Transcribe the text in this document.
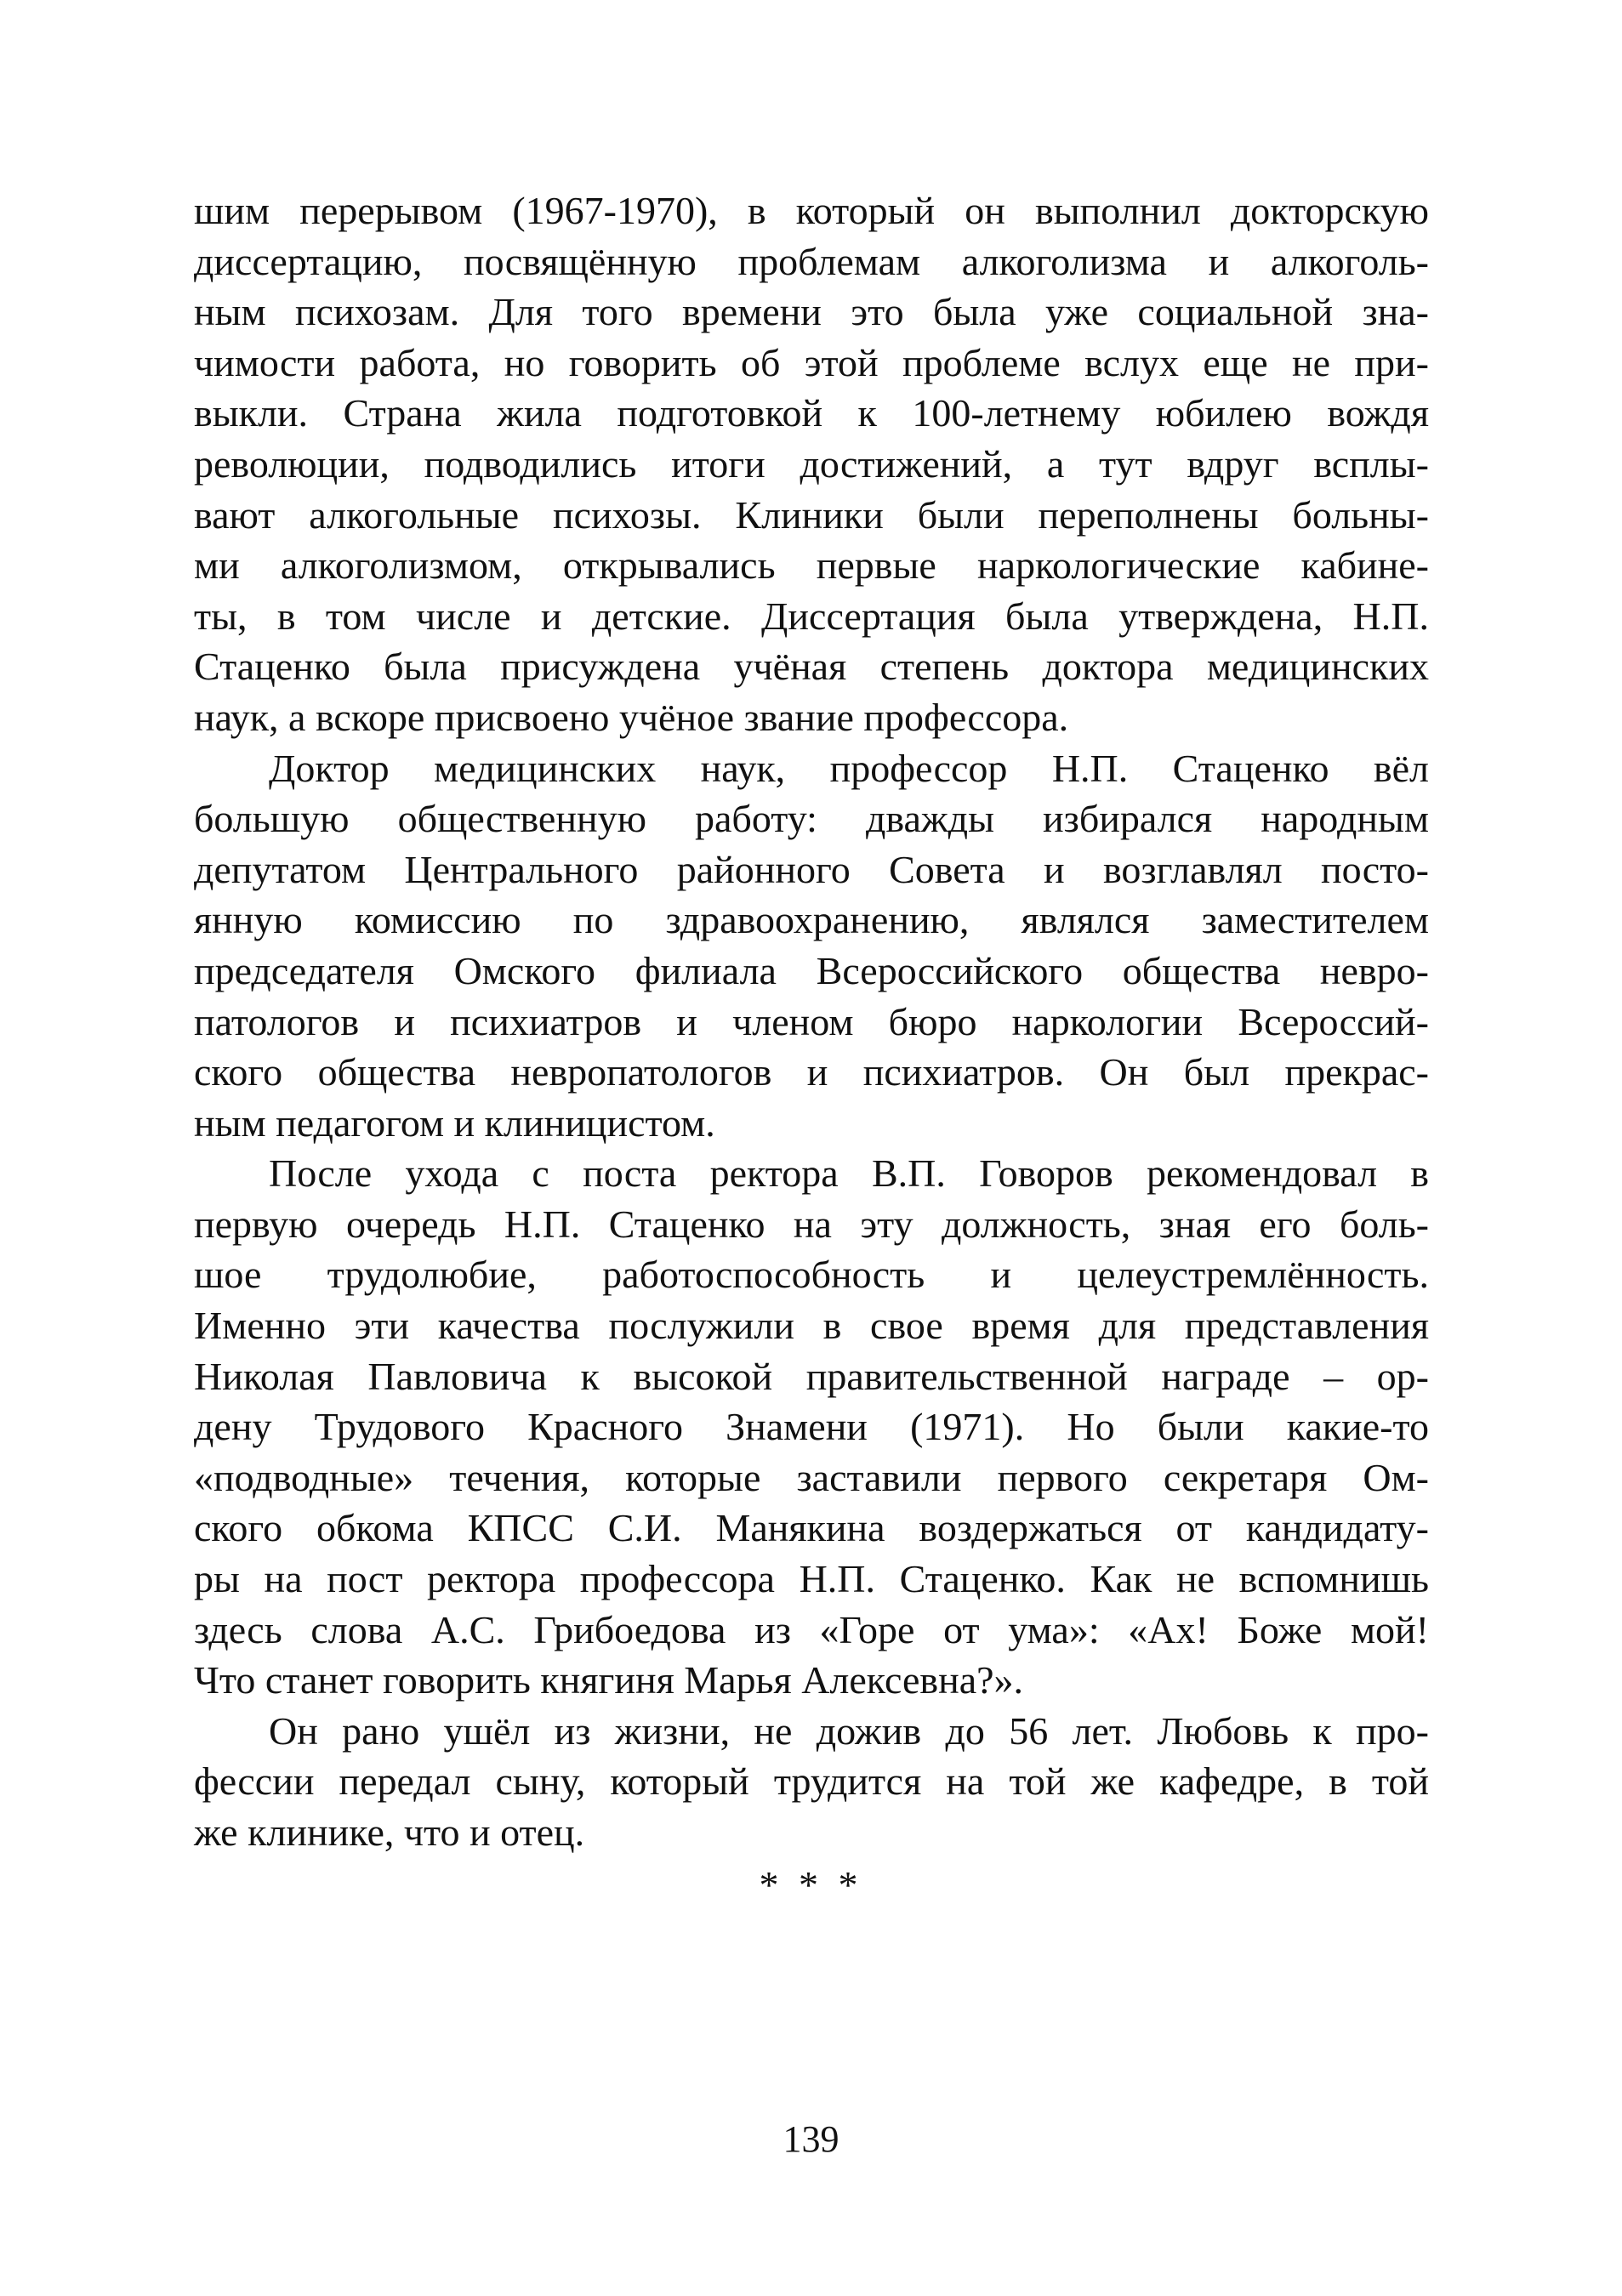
шим перерывом (1967-1970), в который он выполнил докторскую
диссертацию, посвящённую проблемам алкоголизма и алкоголь-
ным психозам. Для того времени это была уже социальной зна-
чимости работа, но говорить об этой проблеме вслух еще не при-
выкли. Страна жила подготовкой к 100-летнему юбилею вождя
революции, подводились итоги достижений, а тут вдруг всплы-
вают алкогольные психозы. Клиники были переполнены больны-
ми алкоголизмом, открывались первые наркологические кабине-
ты, в том числе и детские. Диссертация была утверждена, Н.П.
Стаценко была присуждена учёная степень доктора медицинских
наук, а вскоре присвоено учёное звание профессора.
Доктор медицинских наук, профессор Н.П. Стаценко вёл
большую общественную работу: дважды избирался народным
депутатом Центрального районного Совета и возглавлял посто-
янную комиссию по здравоохранению, являлся заместителем
председателя Омского филиала Всероссийского общества невро-
патологов и психиатров и членом бюро наркологии Всероссий-
ского общества невропатологов и психиатров. Он был прекрас-
ным педагогом и клиницистом.
После ухода с поста ректора В.П. Говоров рекомендовал в
первую очередь Н.П. Стаценко на эту должность, зная его боль-
шое трудолюбие, работоспособность и целеустремлённость.
Именно эти качества послужили в свое время для представления
Николая Павловича к высокой правительственной награде – ор-
дену Трудового Красного Знамени (1971). Но были какие-то
«подводные» течения, которые заставили первого секретаря Ом-
ского обкома КПСС С.И. Манякина воздержаться от кандидату-
ры на пост ректора профессора Н.П. Стаценко. Как не вспомнишь
здесь слова А.С. Грибоедова из «Горе от ума»: «Ах! Боже мой!
Что станет говорить княгиня Марья Алексевна?».
Он рано ушёл из жизни, не дожив до 56 лет. Любовь к про-
фессии передал сыну, который трудится на той же кафедре, в той
же клинике, что и отец.
* * *
139
